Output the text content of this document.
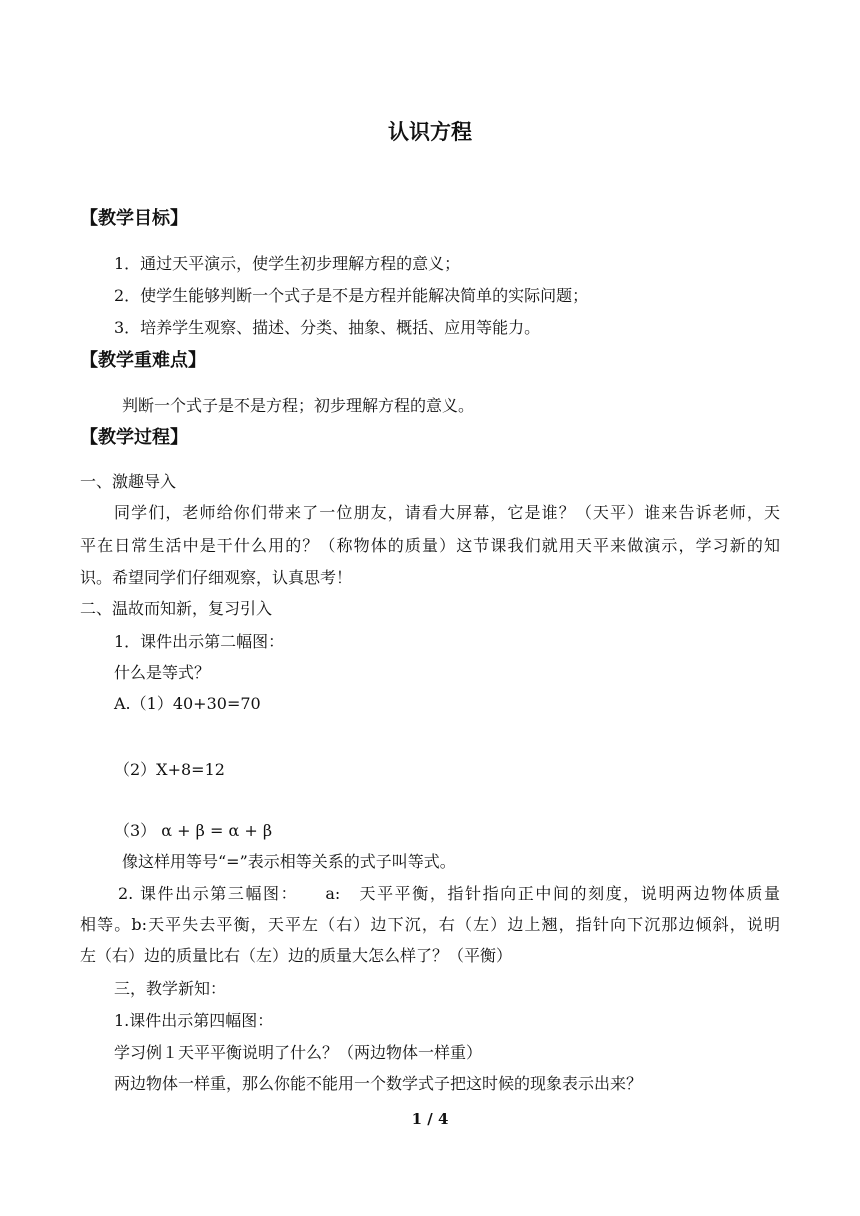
认识方程
【教学目标】
1．通过天平演示，使学生初步理解方程的意义；
2．使学生能够判断一个式子是不是方程并能解决简单的实际问题；
3．培养学生观察、描述、分类、抽象、概括、应用等能力。
【教学重难点】
判断一个式子是不是方程；初步理解方程的意义。
【教学过程】
一、激趣导入
同学们，老师给你们带来了一位朋友，请看大屏幕，它是谁？（天平）谁来告诉老师，天
平在日常生活中是干什么用的？（称物体的质量）这节课我们就用天平来做演示，学习新的知
识。希望同学们仔细观察，认真思考！
二、温故而知新，复习引入
1．课件出示第二幅图：
什么是等式？
A.（1）40+30=70
（2）X+8=12
（3） α + β = α + β
像这样用等号“=”表示相等关系的式子叫等式。
2. 课件出示第三幅图：　　a:　天平平衡，指针指向正中间的刻度，说明两边物体质量
相等。b:天平失去平衡，天平左（右）边下沉，右（左）边上翘，指针向下沉那边倾斜，说明
左（右）边的质量比右（左）边的质量大怎么样了？（平衡）
三，教学新知：
1.课件出示第四幅图：
学习例１天平平衡说明了什么？（两边物体一样重）
两边物体一样重，那么你能不能用一个数学式子把这时候的现象表示出来？
1 / 4
